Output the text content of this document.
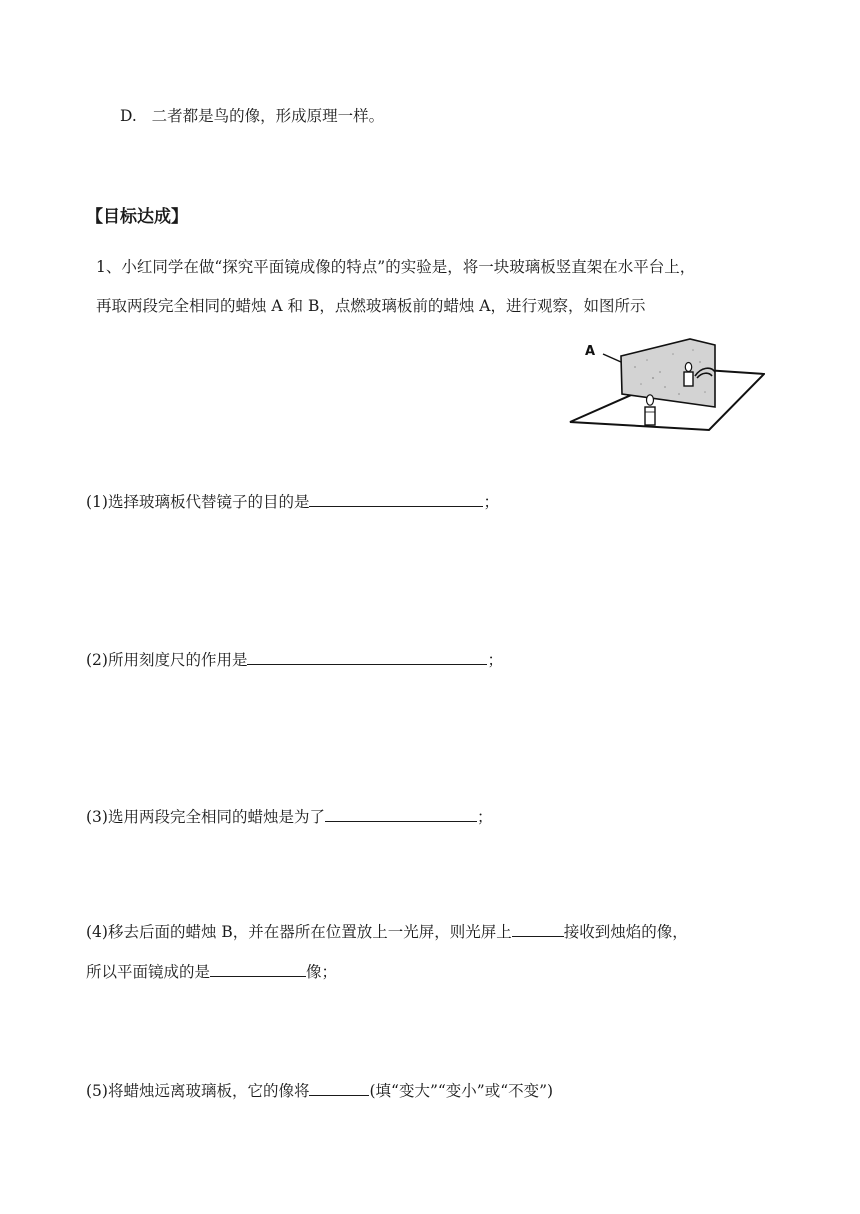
D. 二者都是鸟的像，形成原理一样。
【目标达成】
1、小红同学在做“探究平面镜成像的特点”的实验是，将一块玻璃板竖直架在水平台上，
再取两段完全相同的蜡烛 A 和 B，点燃玻璃板前的蜡烛 A，进行观察，如图所示
A
(1)选择玻璃板代替镜子的目的是	；
(2)所用刻度尺的作用是	；
(3)选用两段完全相同的蜡烛是为了	；
(4)移去后面的蜡烛 B，并在器所在位置放上一光屏，则光屏上	接收到烛焰的像，
所以平面镜成的是	像；
(5)将蜡烛远离玻璃板，它的像将	(填“变大”“变小”或“不变”)
